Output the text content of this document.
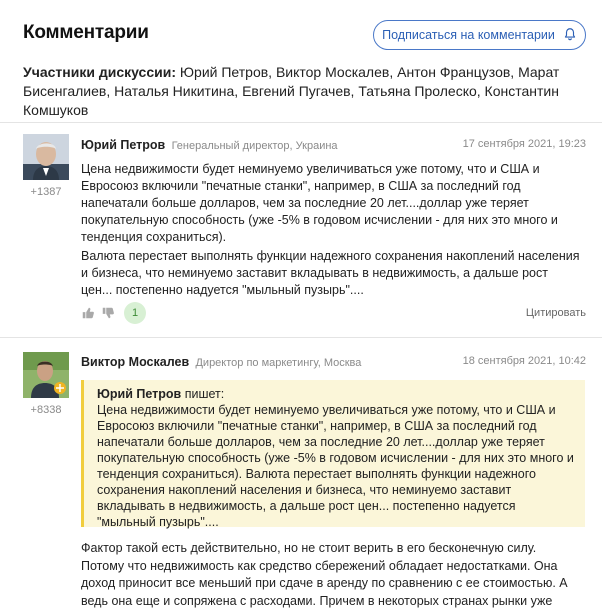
Комментарии	Подписаться на комментарии
Участники дискуссии: Юрий Петров, Виктор Москалев, Антон Французов, Марат Бисенгалиев, Наталья Никитина, Евгений Пугачев, Татьяна Пролеско, Константин Комшуков
+1387
Юрий Петров Генеральный директор, Украина	17 сентября 2021, 19:23
Цена недвижимости будет неминуемо увеличиваться уже потому, что и США и Евросоюз включили "печатные станки", например, в США за последний год напечатали больше долларов, чем за последние 20 лет....доллар уже теряет покупательную способность (уже -5% в годовом исчислении - для них это много и тенденция сохраниться).
Валюта перестает выполнять функции надежного сохранения накоплений населения и бизнеса, что неминуемо заставит вкладывать в недвижимость, а дальше рост цен... постепенно надуется "мыльный пузырь"....
1	Цитировать
+8338
Виктор Москалев Директор по маркетингу, Москва	18 сентября 2021, 10:42
Юрий Петров пишет:
Цена недвижимости будет неминуемо увеличиваться уже потому, что и США и Евросоюз включили "печатные станки", например, в США за последний год напечатали больше долларов, чем за последние 20 лет....доллар уже теряет покупательную способность (уже -5% в годовом исчислении - для них это много и тенденция сохраниться). Валюта перестает выполнять функции надежного сохранения накоплений населения и бизнеса, что неминуемо заставит вкладывать в недвижимость, а дальше рост цен... постепенно надуется "мыльный пузырь"....
Фактор такой есть действительно, но не стоит верить в его бесконечную силу. Потому что недвижимость как средство сбережений обладает недостатками. Она доход приносит все меньший при сдаче в аренду по сравнению с ее стоимостью. А ведь она еще и сопряжена с расходами. Причем в некоторых странах рынки уже
